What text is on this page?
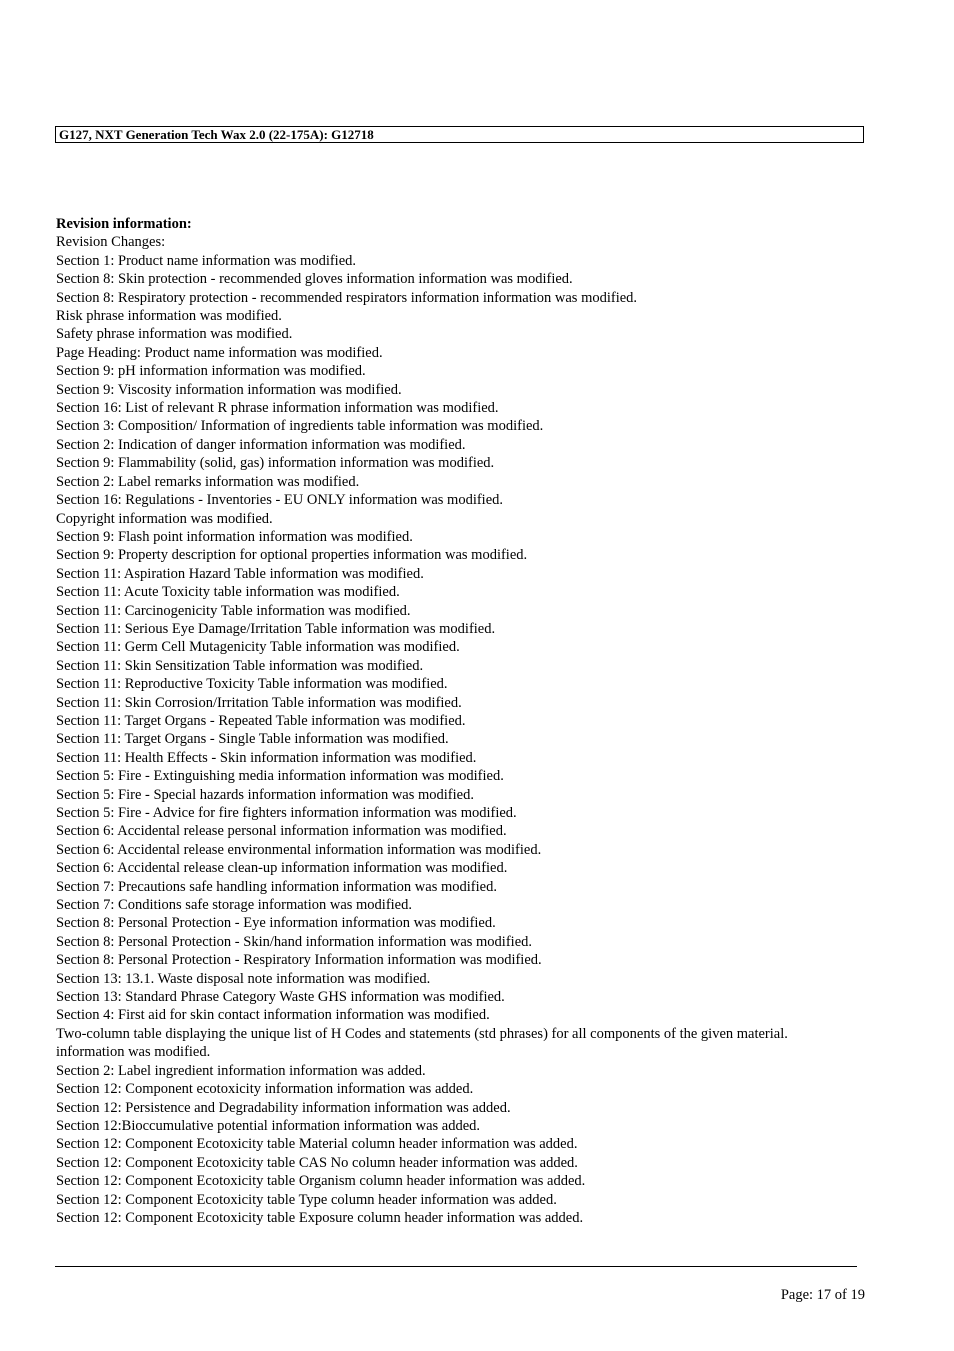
G127, NXT Generation Tech Wax 2.0 (22-175A): G12718
Revision information:
Revision Changes:
Section 1: Product name information was modified.
Section 8: Skin protection - recommended gloves information information was modified.
Section 8: Respiratory protection - recommended respirators information information was modified.
Risk phrase information was modified.
Safety phrase information was modified.
Page Heading: Product name information was modified.
Section 9: pH information information was modified.
Section 9: Viscosity information information was modified.
Section 16: List of relevant R phrase information information was modified.
Section 3: Composition/ Information of ingredients table information was modified.
Section 2: Indication of danger information information was modified.
Section 9: Flammability (solid, gas) information information was modified.
Section 2: Label remarks information was modified.
Section 16: Regulations - Inventories - EU ONLY information was modified.
Copyright information was modified.
Section 9: Flash point information information was modified.
Section 9: Property description for optional properties information was modified.
Section 11: Aspiration Hazard Table information was modified.
Section 11: Acute Toxicity table information was modified.
Section 11: Carcinogenicity Table information was modified.
Section 11: Serious Eye Damage/Irritation Table information was modified.
Section 11: Germ Cell Mutagenicity Table information was modified.
Section 11: Skin Sensitization Table information was modified.
Section 11: Reproductive Toxicity Table information was modified.
Section 11: Skin Corrosion/Irritation Table information was modified.
Section 11: Target Organs - Repeated Table information was modified.
Section 11: Target Organs - Single Table information was modified.
Section 11: Health Effects - Skin information information was modified.
Section 5: Fire - Extinguishing media information information was modified.
Section 5: Fire - Special hazards information information was modified.
Section 5: Fire - Advice for fire fighters information information was modified.
Section 6: Accidental release personal information information was modified.
Section 6: Accidental release environmental information information was modified.
Section 6: Accidental release clean-up information information was modified.
Section 7: Precautions safe handling information information was modified.
Section 7: Conditions safe storage information was modified.
Section 8: Personal Protection - Eye information information was modified.
Section 8: Personal Protection - Skin/hand information information was modified.
Section 8: Personal Protection - Respiratory Information information was modified.
Section 13: 13.1. Waste disposal note information was modified.
Section 13: Standard Phrase Category Waste GHS information was modified.
Section 4: First aid for skin contact information information was modified.
Two-column table displaying the unique list of H Codes and statements (std phrases) for all components of the given material. information was modified.
Section 2: Label ingredient information information was added.
Section 12: Component ecotoxicity information information was added.
Section 12: Persistence and Degradability information information was added.
Section 12:Bioccumulative potential information information was added.
Section 12: Component Ecotoxicity table Material column header information was added.
Section 12: Component Ecotoxicity table CAS No column header information was added.
Section 12: Component Ecotoxicity table Organism column header information was added.
Section 12: Component Ecotoxicity table Type column header information was added.
Section 12: Component Ecotoxicity table Exposure column header information was added.
Page: 17 of 19
